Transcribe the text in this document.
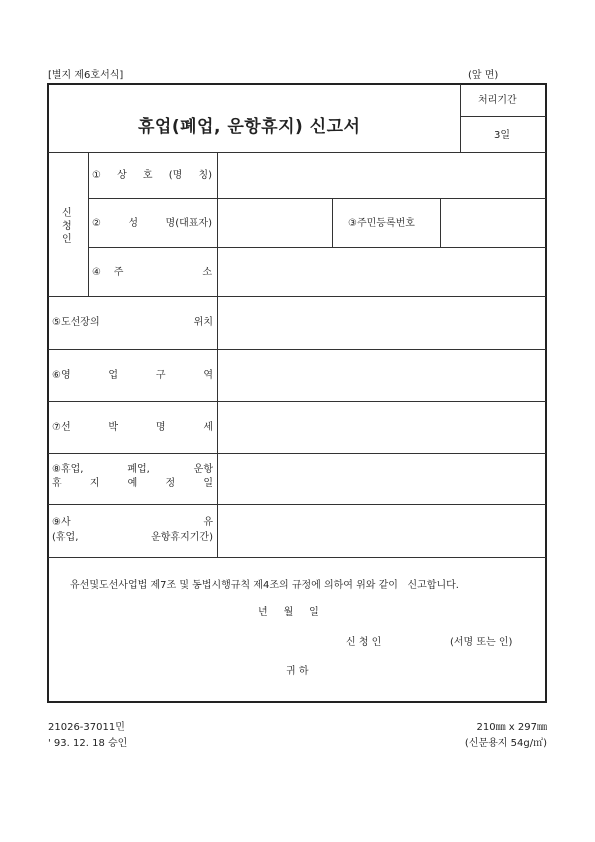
[별지 제6호서식]	(앞 면)
휴업(폐업, 운항휴지) 신고서
처리기간
3일
신
청
인
① 상 호 (명 칭)
②	성	명(대표자)	③주민등록번호
④ 주	소
⑤도선장의	위치
⑥영	업	구	역
⑦선	박	명	세
⑧휴업,	폐업,	운항
휴	지	예	정	일
⑨사	유
(휴업,	운항휴지기간)
유선및도선사업법 제7조 및 동법시행규칙 제4조의 규정에 의하여 위와 같이   신고합니다.
년 월 일
신 청 인	(서명 또는 인)
귀 하
21026-37011민
' 93. 12. 18 승인
210㎜ x 297㎜
(신문용지 54g/㎡)
